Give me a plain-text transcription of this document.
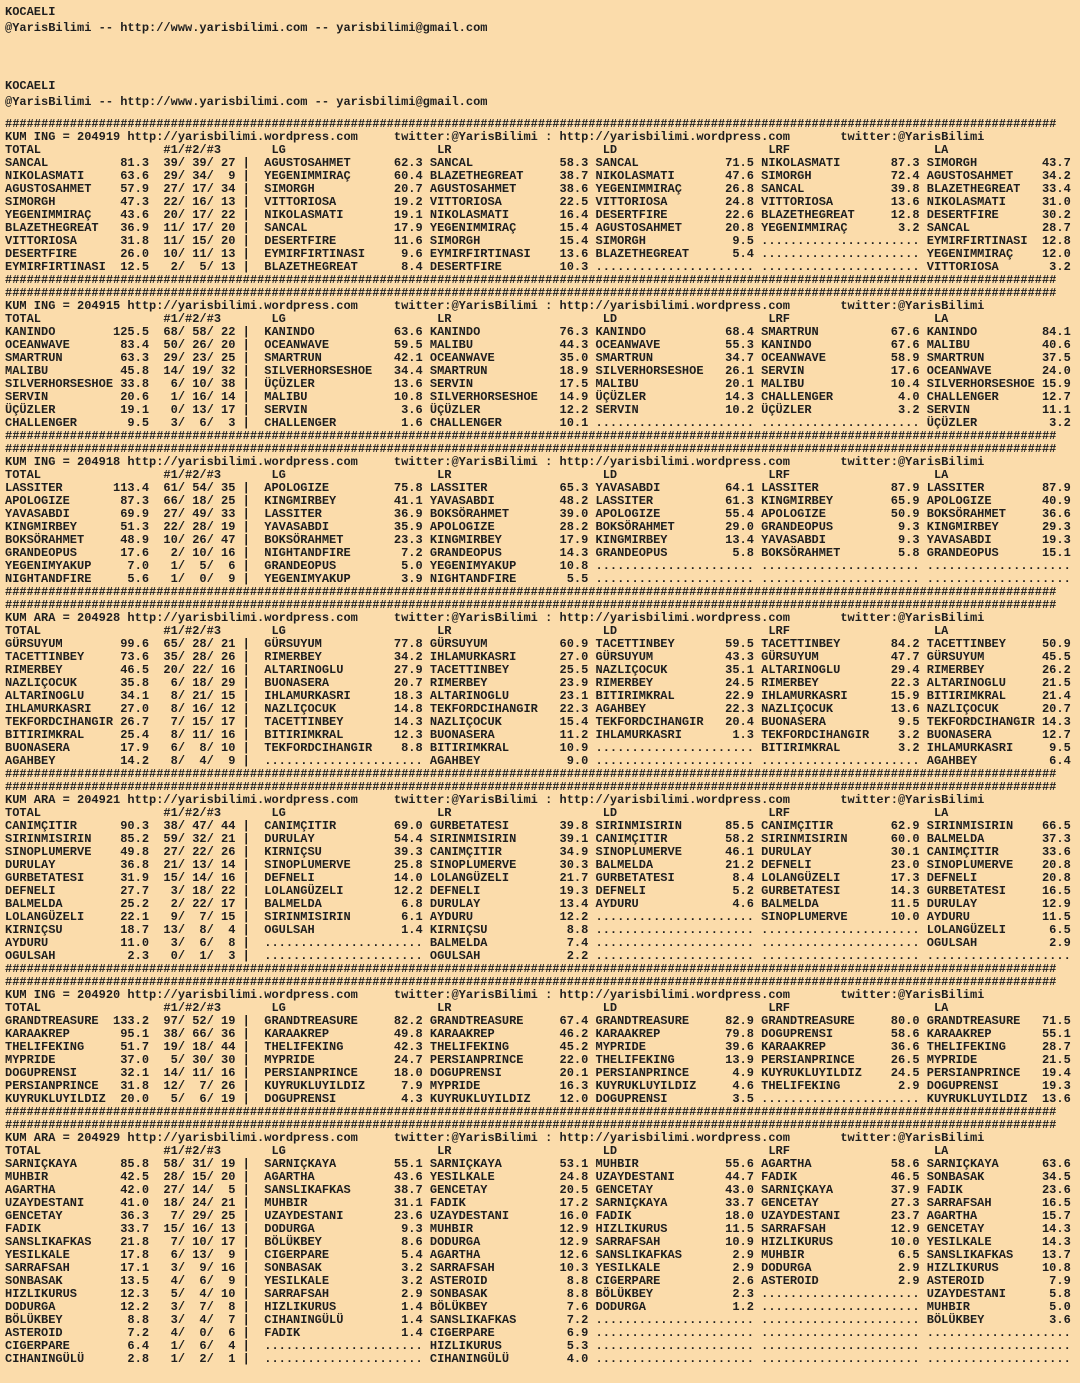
KOCAELI
@YarisBilimi -- http://www.yarisbilimi.com -- yarisbilimi@gmail.com
KOCAELI
@YarisBilimi -- http://www.yarisbilimi.com -- yarisbilimi@gmail.com
##################################################################################################################################################
KUM ING = 204919 http://yarisbilimi.wordpress.com     twitter:@YarisBilimi : http://yarisbilimi.wordpress.com       twitter:@YarisBilimi
TOTAL                 #1/#2/#3       LG                     LR                     LD                     LRF                    LA
SANCAL          81.3  39/ 39/ 27 |  AGUSTOSAHMET      62.3 SANCAL            58.3 SANCAL            71.5 NIKOLASMATI       87.3 SIMORGH         43.7
NIKOLASMATI     63.6  29/ 34/  9 |  YEGENIMMIRAÇ      60.4 BLAZETHEGREAT     38.7 NIKOLASMATI       47.6 SIMORGH           72.4 AGUSTOSAHMET    34.2
AGUSTOSAHMET    57.9  27/ 17/ 34 |  SIMORGH           20.7 AGUSTOSAHMET      38.6 YEGENIMMIRAÇ      26.8 SANCAL            39.8 BLAZETHEGREAT   33.4
SIMORGH         47.3  22/ 16/ 13 |  VITTORIOSA        19.2 VITTORIOSA        22.5 VITTORIOSA        24.8 VITTORIOSA        13.6 NIKOLASMATI     31.0
YEGENIMMIRAÇ    43.6  20/ 17/ 22 |  NIKOLASMATI       19.1 NIKOLASMATI       16.4 DESERTFIRE        22.6 BLAZETHEGREAT     12.8 DESERTFIRE      30.2
BLAZETHEGREAT   36.9  11/ 17/ 20 |  SANCAL            17.9 YEGENIMMIRAÇ      15.4 AGUSTOSAHMET      20.8 YEGENIMMIRAÇ       3.2 SANCAL          28.7
VITTORIOSA      31.8  11/ 15/ 20 |  DESERTFIRE        11.6 SIMORGH           15.4 SIMORGH            9.5 ...................... EYMIRFIRTINASI  12.8
DESERTFIRE      26.0  10/ 11/ 13 |  EYMIRFIRTINASI     9.6 EYMIRFIRTINASI    13.6 BLAZETHEGREAT      5.4 ...................... YEGENIMMIRAÇ    12.0
EYMIRFIRTINASI  12.5   2/  5/ 13 |  BLAZETHEGREAT      8.4 DESERTFIRE        10.3 ...................... ...................... VITTORIOSA       3.2
##################################################################################################################################################
##################################################################################################################################################
KUM ING = 204915 http://yarisbilimi.wordpress.com     twitter:@YarisBilimi : http://yarisbilimi.wordpress.com       twitter:@YarisBilimi
TOTAL                 #1/#2/#3       LG                     LR                     LD                     LRF                    LA
KANINDO        125.5  68/ 58/ 22 |  KANINDO           63.6 KANINDO           76.3 KANINDO           68.4 SMARTRUN          67.6 KANINDO         84.1
OCEANWAVE       83.4  50/ 26/ 20 |  OCEANWAVE         59.5 MALIBU            44.3 OCEANWAVE         55.3 KANINDO           67.6 MALIBU          40.6
SMARTRUN        63.3  29/ 23/ 25 |  SMARTRUN          42.1 OCEANWAVE         35.0 SMARTRUN          34.7 OCEANWAVE         58.9 SMARTRUN        37.5
MALIBU          45.8  14/ 19/ 32 |  SILVERHORSESHOE   34.4 SMARTRUN          18.9 SILVERHORSESHOE   26.1 SERVIN            17.6 OCEANWAVE       24.0
SILVERHORSESHOE 33.8   6/ 10/ 38 |  ÜÇÜZLER           13.6 SERVIN            17.5 MALIBU            20.1 MALIBU            10.4 SILVERHORSESHOE 15.9
SERVIN          20.6   1/ 16/ 14 |  MALIBU            10.8 SILVERHORSESHOE   14.9 ÜÇÜZLER           14.3 CHALLENGER         4.0 CHALLENGER      12.7
ÜÇÜZLER         19.1   0/ 13/ 17 |  SERVIN             3.6 ÜÇÜZLER           12.2 SERVIN            10.2 ÜÇÜZLER            3.2 SERVIN          11.1
CHALLENGER       9.5   3/  6/  3 |  CHALLENGER         1.6 CHALLENGER        10.1 ...................... ...................... ÜÇÜZLER          3.2
##################################################################################################################################################
##################################################################################################################################################
KUM ING = 204918 http://yarisbilimi.wordpress.com     twitter:@YarisBilimi : http://yarisbilimi.wordpress.com       twitter:@YarisBilimi
TOTAL                 #1/#2/#3       LG                     LR                     LD                     LRF                    LA
LASSITER       113.4  61/ 54/ 35 |  APOLOGIZE         75.8 LASSITER          65.3 YAVASABDI         64.1 LASSITER          87.9 LASSITER        87.9
APOLOGIZE       87.3  66/ 18/ 25 |  KINGMIRBEY        41.1 YAVASABDI         48.2 LASSITER          61.3 KINGMIRBEY        65.9 APOLOGIZE       40.9
YAVASABDI       69.9  27/ 49/ 33 |  LASSITER          36.9 BOKSÖRAHMET       39.0 APOLOGIZE         55.4 APOLOGIZE         50.9 BOKSÖRAHMET     36.6
KINGMIRBEY      51.3  22/ 28/ 19 |  YAVASABDI         35.9 APOLOGIZE         28.2 BOKSÖRAHMET       29.0 GRANDEOPUS         9.3 KINGMIRBEY      29.3
BOKSÖRAHMET     48.9  10/ 26/ 47 |  BOKSÖRAHMET       23.3 KINGMIRBEY        17.9 KINGMIRBEY        13.4 YAVASABDI          9.3 YAVASABDI       19.3
GRANDEOPUS      17.6   2/ 10/ 16 |  NIGHTANDFIRE       7.2 GRANDEOPUS        14.3 GRANDEOPUS         5.8 BOKSÖRAHMET        5.8 GRANDEOPUS      15.1
YEGENIMYAKUP     7.0   1/  5/  6 |  GRANDEOPUS         5.0 YEGENIMYAKUP      10.8 ...................... ...................... ....................
NIGHTANDFIRE     5.6   1/  0/  9 |  YEGENIMYAKUP       3.9 NIGHTANDFIRE       5.5 ...................... ...................... ....................
##################################################################################################################################################
##################################################################################################################################################
KUM ARA = 204928 http://yarisbilimi.wordpress.com     twitter:@YarisBilimi : http://yarisbilimi.wordpress.com       twitter:@YarisBilimi
TOTAL                 #1/#2/#3       LG                     LR                     LD                     LRF                    LA
GÜRSUYUM        99.6  65/ 28/ 21 |  GÜRSUYUM          77.8 GÜRSUYUM          60.9 TACETTINBEY       59.5 TACETTINBEY       84.2 TACETTINBEY     50.9
TACETTINBEY     73.6  35/ 28/ 26 |  RIMERBEY          34.2 IHLAMURKASRI      27.0 GÜRSUYUM          43.3 GÜRSUYUM          47.7 GÜRSUYUM        45.5
RIMERBEY        46.5  20/ 22/ 16 |  ALTARINOGLU       27.9 TACETTINBEY       25.5 NAZLIÇOCUK        35.1 ALTARINOGLU       29.4 RIMERBEY        26.2
NAZLIÇOCUK      35.8   6/ 18/ 29 |  BUONASERA         20.7 RIMERBEY          23.9 RIMERBEY          24.5 RIMERBEY          22.3 ALTARINOGLU     21.5
ALTARINOGLU     34.1   8/ 21/ 15 |  IHLAMURKASRI      18.3 ALTARINOGLU       23.1 BITIRIMKRAL       22.9 IHLAMURKASRI      15.9 BITIRIMKRAL     21.4
IHLAMURKASRI    27.0   8/ 16/ 12 |  NAZLIÇOCUK        14.8 TEKFORDCIHANGIR   22.3 AGAHBEY           22.3 NAZLIÇOCUK        13.6 NAZLIÇOCUK      20.7
TEKFORDCIHANGIR 26.7   7/ 15/ 17 |  TACETTINBEY       14.3 NAZLIÇOCUK        15.4 TEKFORDCIHANGIR   20.4 BUONASERA          9.5 TEKFORDCIHANGIR 14.3
BITIRIMKRAL     25.4   8/ 11/ 16 |  BITIRIMKRAL       12.3 BUONASERA         11.2 IHLAMURKASRI       1.3 TEKFORDCIHANGIR    3.2 BUONASERA       12.7
BUONASERA       17.9   6/  8/ 10 |  TEKFORDCIHANGIR    8.8 BITIRIMKRAL       10.9 ...................... BITIRIMKRAL        3.2 IHLAMURKASRI     9.5
AGAHBEY         14.2   8/  4/  9 |  ...................... AGAHBEY            9.0 ...................... ...................... AGAHBEY          6.4
##################################################################################################################################################
##################################################################################################################################################
KUM ARA = 204921 http://yarisbilimi.wordpress.com     twitter:@YarisBilimi : http://yarisbilimi.wordpress.com       twitter:@YarisBilimi
TOTAL                 #1/#2/#3       LG                     LR                     LD                     LRF                    LA
CANIMÇITIR      90.3  38/ 47/ 44 |  CANIMÇITIR        69.0 GURBETATESI       39.8 SIRINMISIRIN      85.5 CANIMÇITIR        62.9 SIRINMISIRIN    66.5
SIRINMISIRIN    85.2  59/ 32/ 21 |  DURULAY           54.4 SIRINMISIRIN      39.1 CANIMÇITIR        58.2 SIRINMISIRIN      60.0 BALMELDA        37.3
SINOPLUMERVE    49.8  27/ 22/ 26 |  KIRNIÇSU          39.3 CANIMÇITIR        34.9 SINOPLUMERVE      46.1 DURULAY           30.1 CANIMÇITIR      33.6
DURULAY         36.8  21/ 13/ 14 |  SINOPLUMERVE      25.8 SINOPLUMERVE      30.3 BALMELDA          21.2 DEFNELI           23.0 SINOPLUMERVE    20.8
GURBETATESI     31.9  15/ 14/ 16 |  DEFNELI           14.0 LOLANGÜZELI       21.7 GURBETATESI        8.4 LOLANGÜZELI       17.3 DEFNELI         20.8
DEFNELI         27.7   3/ 18/ 22 |  LOLANGÜZELI       12.2 DEFNELI           19.3 DEFNELI            5.2 GURBETATESI       14.3 GURBETATESI     16.5
BALMELDA        25.2   2/ 22/ 17 |  BALMELDA           6.8 DURULAY           13.4 AYDURU             4.6 BALMELDA          11.5 DURULAY         12.9
LOLANGÜZELI     22.1   9/  7/ 15 |  SIRINMISIRIN       6.1 AYDURU            12.2 ...................... SINOPLUMERVE      10.0 AYDURU          11.5
KIRNIÇSU        18.7  13/  8/  4 |  OGULSAH            1.4 KIRNIÇSU           8.8 ...................... ...................... LOLANGÜZELI      6.5
AYDURU          11.0   3/  6/  8 |  ...................... BALMELDA           7.4 ...................... ...................... OGULSAH          2.9
OGULSAH          2.3   0/  1/  3 |  ...................... OGULSAH            2.2 ...................... ...................... ....................
##################################################################################################################################################
##################################################################################################################################################
KUM ING = 204920 http://yarisbilimi.wordpress.com     twitter:@YarisBilimi : http://yarisbilimi.wordpress.com       twitter:@YarisBilimi
TOTAL                 #1/#2/#3       LG                     LR                     LD                     LRF                    LA
GRANDTREASURE  133.2  97/ 52/ 19 |  GRANDTREASURE     82.2 GRANDTREASURE     67.4 GRANDTREASURE     82.9 GRANDTREASURE     80.0 GRANDTREASURE   71.5
KARAAKREP       95.1  38/ 66/ 36 |  KARAAKREP         49.8 KARAAKREP         46.2 KARAAKREP         79.8 DOGUPRENSI        58.6 KARAAKREP       55.1
THELIFEKING     51.7  19/ 18/ 44 |  THELIFEKING       42.3 THELIFEKING       45.2 MYPRIDE           39.6 KARAAKREP         36.6 THELIFEKING     28.7
MYPRIDE         37.0   5/ 30/ 30 |  MYPRIDE           24.7 PERSIANPRINCE     22.0 THELIFEKING       13.9 PERSIANPRINCE     26.5 MYPRIDE         21.5
DOGUPRENSI      32.1  14/ 11/ 16 |  PERSIANPRINCE     18.0 DOGUPRENSI        20.1 PERSIANPRINCE      4.9 KUYRUKLUYILDIZ    24.5 PERSIANPRINCE   19.4
PERSIANPRINCE   31.8  12/  7/ 26 |  KUYRUKLUYILDIZ     7.9 MYPRIDE           16.3 KUYRUKLUYILDIZ     4.6 THELIFEKING        2.9 DOGUPRENSI      19.3
KUYRUKLUYILDIZ  20.0   5/  6/ 19 |  DOGUPRENSI         4.3 KUYRUKLUYILDIZ    12.0 DOGUPRENSI         3.5 ...................... KUYRUKLUYILDIZ  13.6
##################################################################################################################################################
##################################################################################################################################################
KUM ARA = 204929 http://yarisbilimi.wordpress.com     twitter:@YarisBilimi : http://yarisbilimi.wordpress.com       twitter:@YarisBilimi
TOTAL                 #1/#2/#3       LG                     LR                     LD                     LRF                    LA
SARNIÇKAYA      85.8  58/ 31/ 19 |  SARNIÇKAYA        55.1 SARNIÇKAYA        53.1 MUHBIR            55.6 AGARTHA           58.6 SARNIÇKAYA      63.6
MUHBIR          42.5  28/ 15/ 20 |  AGARTHA           43.6 YESILKALE         24.8 UZAYDESTANI       44.7 FADIK             46.5 SONBASAK        34.5
AGARTHA         42.0  27/ 14/  5 |  SANSLIKAFKAS      38.7 GENCETAY          20.5 GENCETAY          43.0 SARNIÇKAYA        37.9 FADIK           23.6
UZAYDESTANI     41.0  18/ 24/ 21 |  MUHBIR            31.1 FADIK             17.2 SARNIÇKAYA        33.7 GENCETAY          27.3 SARRAFSAH       16.5
GENCETAY        36.3   7/ 29/ 25 |  UZAYDESTANI       23.6 UZAYDESTANI       16.0 FADIK             18.0 UZAYDESTANI       23.7 AGARTHA         15.7
FADIK           33.7  15/ 16/ 13 |  DODURGA            9.3 MUHBIR            12.9 HIZLIKURUS        11.5 SARRAFSAH         12.9 GENCETAY        14.3
SANSLIKAFKAS    21.8   7/ 10/ 17 |  BÖLÜKBEY           8.6 DODURGA           12.9 SARRAFSAH         10.9 HIZLIKURUS        10.0 YESILKALE       14.3
YESILKALE       17.8   6/ 13/  9 |  CIGERPARE          5.4 AGARTHA           12.6 SANSLIKAFKAS       2.9 MUHBIR             6.5 SANSLIKAFKAS    13.7
SARRAFSAH       17.1   3/  9/ 16 |  SONBASAK           3.2 SARRAFSAH         10.3 YESILKALE          2.9 DODURGA            2.9 HIZLIKURUS      10.8
SONBASAK        13.5   4/  6/  9 |  YESILKALE          3.2 ASTEROID           8.8 CIGERPARE          2.6 ASTEROID           2.9 ASTEROID         7.9
HIZLIKURUS      12.3   5/  4/ 10 |  SARRAFSAH          2.9 SONBASAK           8.8 BÖLÜKBEY           2.3 ...................... UZAYDESTANI      5.8
DODURGA         12.2   3/  7/  8 |  HIZLIKURUS         1.4 BÖLÜKBEY           7.6 DODURGA            1.2 ...................... MUHBIR           5.0
BÖLÜKBEY         8.8   3/  4/  7 |  CIHANINGÜLÜ        1.4 SANSLIKAFKAS       7.2 ...................... ...................... BÖLÜKBEY         3.6
ASTEROID         7.2   4/  0/  6 |  FADIK              1.4 CIGERPARE          6.9 ...................... ...................... ....................
CIGERPARE        6.4   1/  6/  4 |  ...................... HIZLIKURUS         5.3 ...................... ...................... ....................
CIHANINGÜLÜ      2.8   1/  2/  1 |  ...................... CIHANINGÜLÜ        4.0 ...................... ...................... ....................
